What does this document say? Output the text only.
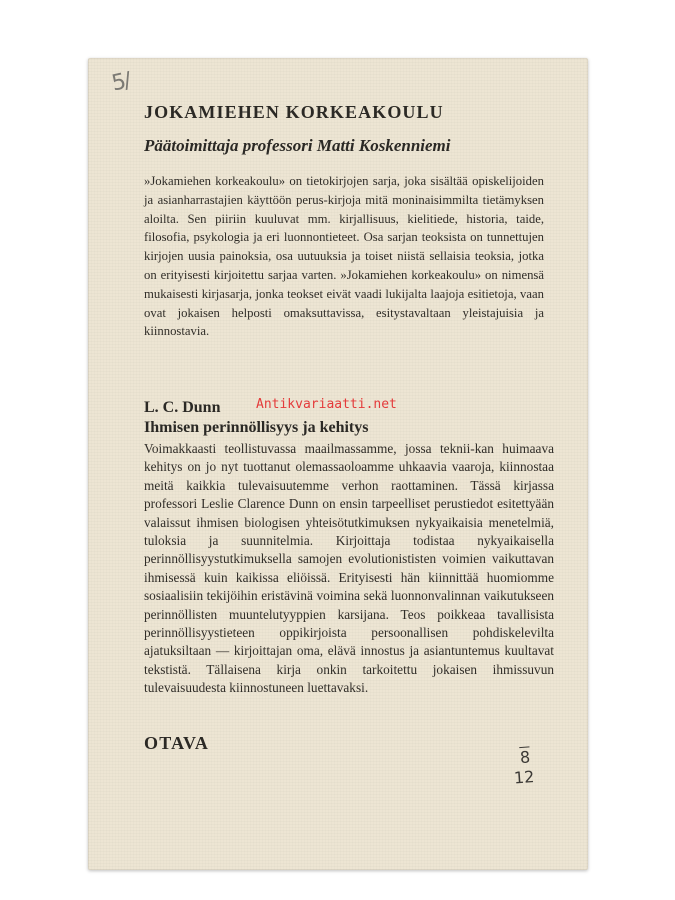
5/
JOKAMIEHEN KORKEAKOULU
Päätoimittaja professori Matti Koskenniemi

»Jokamiehen korkeakoulu» on tietokirjojen sarja, joka sisältää opiskelijoiden ja asianharrastajien käyttöön perus-kirjoja mitä moninaisimmilta tietämyksen aloilta. Sen piiriin kuuluvat mm. kirjallisuus, kielitiede, historia, taide, filosofia, psykologia ja eri luonnontieteet. Osa sarjan teoksista on tunnettujen kirjojen uusia painoksia, osa uutuuksia ja toiset niistä sellaisia teoksia, jotka on erityisesti kirjoitettu sarjaa varten. »Jokamiehen korkeakoulu» on nimensä mukaisesti kirjasarja, jonka teokset eivät vaadi lukijalta laajoja esitietoja, vaan ovat jokaisen helposti omaksuttavissa, esitystavaltaan yleistajuisia ja kiinnostavia.

L. C. Dunn
Ihmisen perinnöllisyys ja kehitys
Antikvariaatti.net

Voimakkaasti teollistuvassa maailmassamme, jossa teknii-kan huimaava kehitys on jo nyt tuottanut olemassaoloamme uhkaavia vaaroja, kiinnostaa meitä kaikkia tulevaisuutemme verhon raottaminen. Tässä kirjassa professori Leslie Clarence Dunn on ensin tarpeelliset perustiedot esitettyään valaissut ihmisen biologisen yhteisötutkimuksen nykyaikaisia menetelmiä, tuloksia ja suunnitelmia. Kirjoittaja todistaa nykyaikaisella perinnöllisyystutkimuksella samojen evolutionististen voimien vaikuttavan ihmisessä kuin kaikissa eliöissä. Erityisesti hän kiinnittää huomiomme sosiaalisiin tekijöihin eristävinä voimina sekä luonnonvalinnan vaikutukseen perinnöllisten muuntelutyyppien karsijana. Teos poikkeaa tavallisista perinnöllisyystieteen oppikirjoista persoonallisen pohdiskelevilta ajatuksiltaan — kirjoittajan oma, elävä innostus ja asiantuntemus kuultavat tekstistä. Tällaisena kirja onkin tarkoitettu jokaisen ihmissuvun tulevaisuudesta kiinnostuneen luettavaksi.

OTAVA
8
12
